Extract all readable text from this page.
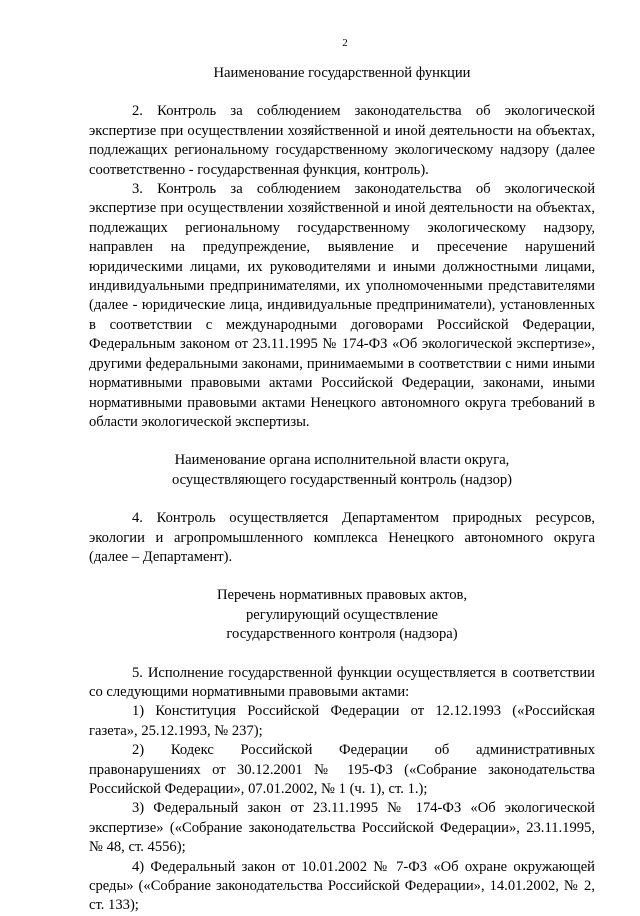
2

Наименование государственной функции

2. Контроль за соблюдением законодательства об экологической экспертизе при осуществлении хозяйственной и иной деятельности на объектах, подлежащих региональному государственному экологическому надзору (далее соответственно - государственная функция, контроль).

3. Контроль за соблюдением законодательства об экологической экспертизе при осуществлении хозяйственной и иной деятельности на объектах, подлежащих региональному государственному экологическому надзору, направлен на предупреждение, выявление и пресечение нарушений юридическими лицами, их руководителями и иными должностными лицами, индивидуальными предпринимателями, их уполномоченными представителями (далее - юридические лица, индивидуальные предприниматели), установленных в соответствии с международными договорами Российской Федерации, Федеральным законом от 23.11.1995 № 174-ФЗ «Об экологической экспертизе», другими федеральными законами, принимаемыми в соответствии с ними иными нормативными правовыми актами Российской Федерации, законами, иными нормативными правовыми актами Ненецкого автономного округа требований в области экологической экспертизы.

Наименование органа исполнительной власти округа,
осуществляющего государственный контроль (надзор)

4. Контроль осуществляется Департаментом природных ресурсов, экологии и агропромышленного комплекса Ненецкого автономного округа (далее – Департамент).

Перечень нормативных правовых актов,
регулирующий осуществление
государственного контроля (надзора)

5. Исполнение государственной функции осуществляется в соответствии со следующими нормативными правовыми актами:

1) Конституция Российской Федерации от 12.12.1993 («Российская газета», 25.12.1993, № 237);

2) Кодекс Российской Федерации об административных правонарушениях от 30.12.2001 № 195-ФЗ («Собрание законодательства Российской Федерации», 07.01.2002, № 1 (ч. 1), ст. 1.);

3) Федеральный закон от 23.11.1995 № 174-ФЗ «Об экологической экспертизе» («Собрание законодательства Российской Федерации», 23.11.1995, № 48, ст. 4556);

4) Федеральный закон от 10.01.2002 № 7-ФЗ «Об охране окружающей среды» («Собрание законодательства Российской Федерации», 14.01.2002, № 2, ст. 133);
